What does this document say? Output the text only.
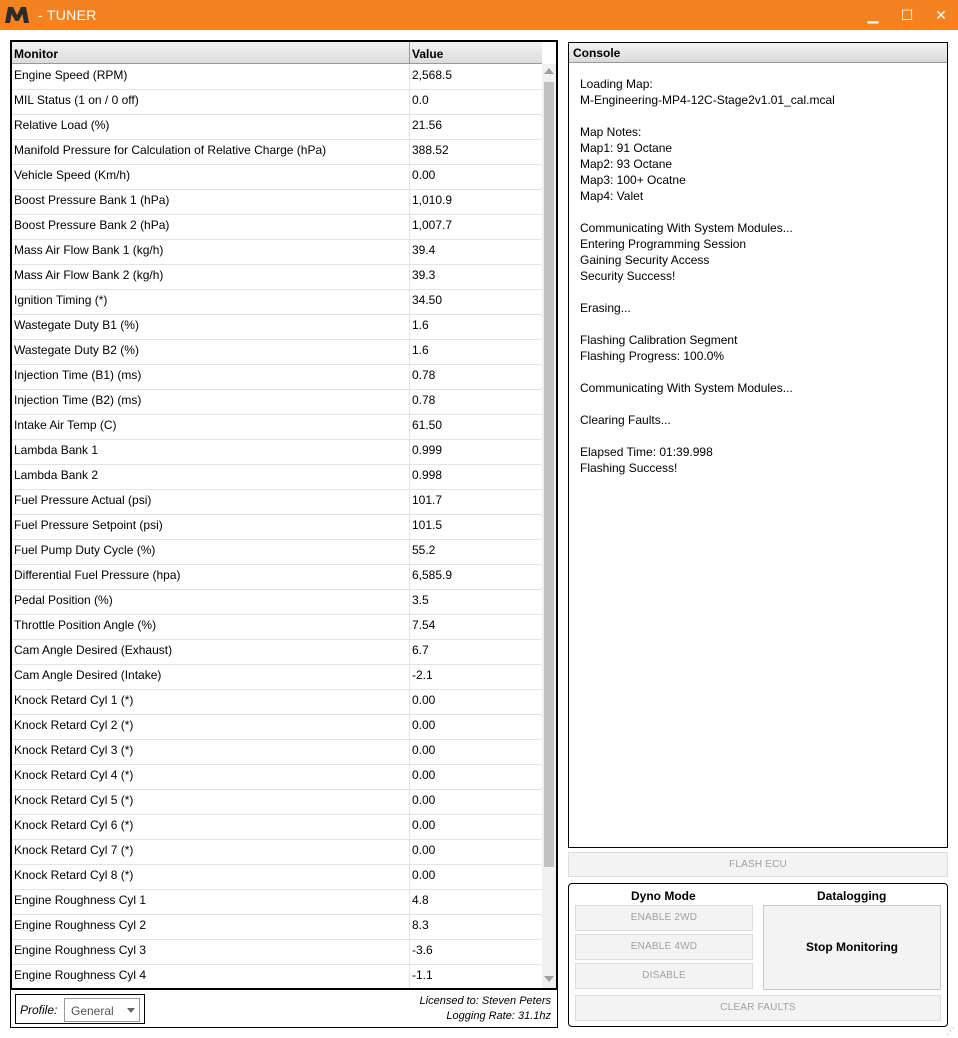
- TUNER	▁	☐	✕
Monitor	Value
Engine Speed (RPM)	2,568.5
MIL Status (1 on / 0 off)	0.0
Relative Load (%)	21.56
Manifold Pressure for Calculation of Relative Charge (hPa)	388.52
Vehicle Speed (Km/h)	0.00
Boost Pressure Bank 1 (hPa)	1,010.9
Boost Pressure Bank 2 (hPa)	1,007.7
Mass Air Flow Bank 1 (kg/h)	39.4
Mass Air Flow Bank 2 (kg/h)	39.3
Ignition Timing (*)	34.50
Wastegate Duty B1 (%)	1.6
Wastegate Duty B2 (%)	1.6
Injection Time (B1) (ms)	0.78
Injection Time (B2) (ms)	0.78
Intake Air Temp (C)	61.50
Lambda Bank 1	0.999
Lambda Bank 2	0.998
Fuel Pressure Actual (psi)	101.7
Fuel Pressure Setpoint (psi)	101.5
Fuel Pump Duty Cycle (%)	55.2
Differential Fuel Pressure (hpa)	6,585.9
Pedal Position (%)	3.5
Throttle Position Angle (%)	7.54
Cam Angle Desired (Exhaust)	6.7
Cam Angle Desired (Intake)	-2.1
Knock Retard Cyl 1 (*)	0.00
Knock Retard Cyl 2 (*)	0.00
Knock Retard Cyl 3 (*)	0.00
Knock Retard Cyl 4 (*)	0.00
Knock Retard Cyl 5 (*)	0.00
Knock Retard Cyl 6 (*)	0.00
Knock Retard Cyl 7 (*)	0.00
Knock Retard Cyl 8 (*)	0.00
Engine Roughness Cyl 1	4.8
Engine Roughness Cyl 2	8.3
Engine Roughness Cyl 3	-3.6
Engine Roughness Cyl 4	-1.1
Profile: General
Licensed to: Steven Peters
Logging Rate: 31.1hz
Console
Loading Map:
M-Engineering-MP4-12C-Stage2v1.01_cal.mcal

Map Notes:
Map1: 91 Octane
Map2: 93 Octane
Map3: 100+ Ocatne
Map4: Valet

Communicating With System Modules...
Entering Programming Session
Gaining Security Access
Security Success!

Erasing...

Flashing Calibration Segment
Flashing Progress: 100.0%

Communicating With System Modules...

Clearing Faults...

Elapsed Time: 01:39.998
Flashing Success!
FLASH ECU
Dyno Mode	Datalogging
ENABLE 2WD
ENABLE 4WD
DISABLE
Stop Monitoring
CLEAR FAULTS
⋰
